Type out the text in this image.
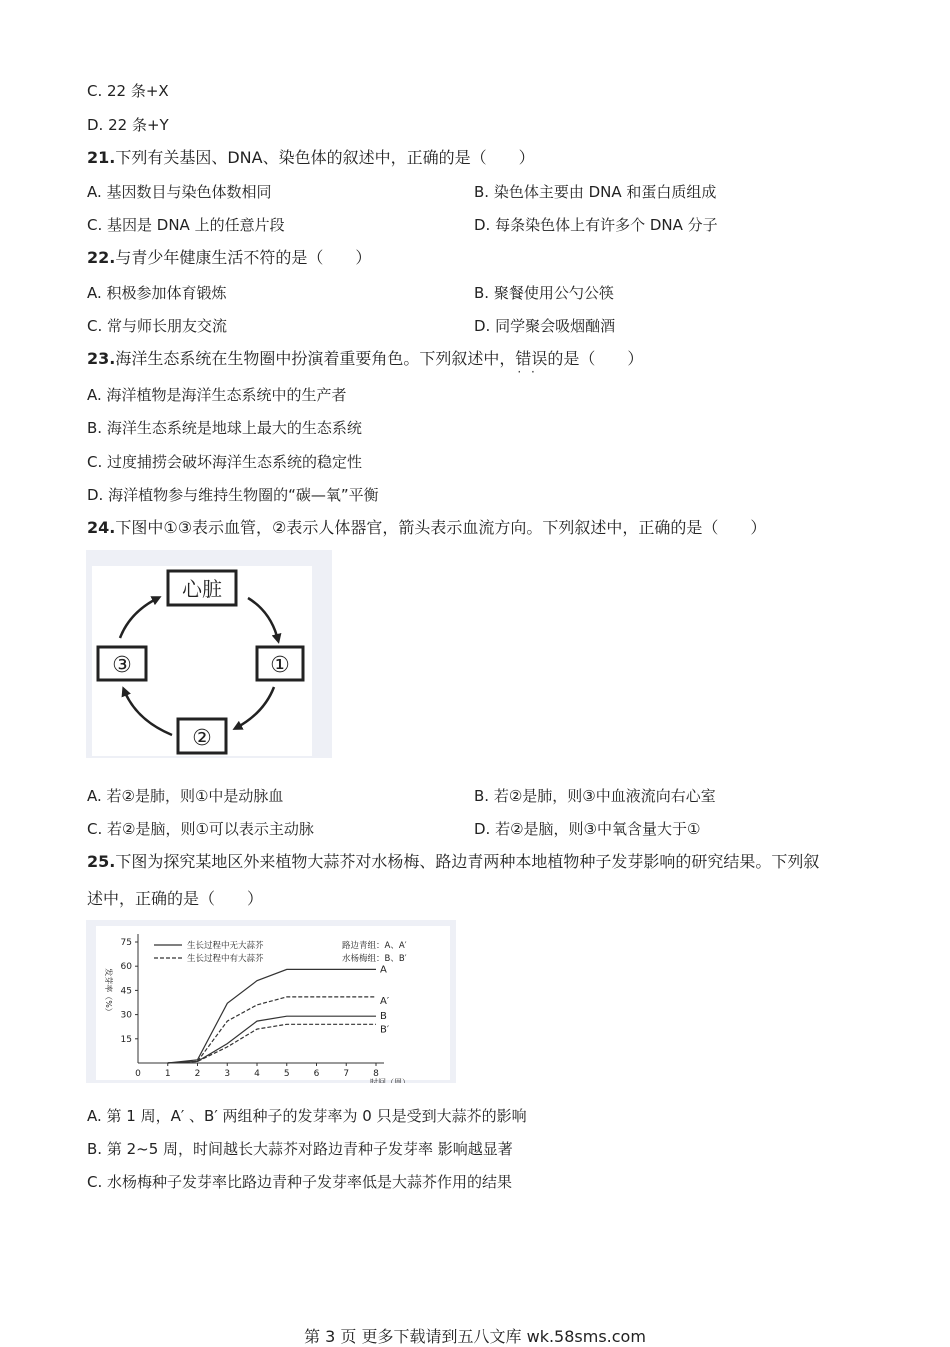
C. 22 条+X
D. 22 条+Y
21.下列有关基因、DNA、染色体的叙述中，正确的是（　　）
A. 基因数目与染色体数相同	B. 染色体主要由 DNA 和蛋白质组成
C. 基因是 DNA 上的任意片段	D. 每条染色体上有许多个 DNA 分子
22.与青少年健康生活不符的是（　　）
A. 积极参加体育锻炼	B. 聚餐使用公勺公筷
C. 常与师长朋友交流	D. 同学聚会吸烟酗酒
23.海洋生态系统在生物圈中扮演着重要角色。下列叙述中，错误 · ·的是（　　）
A. 海洋植物是海洋生态系统中的生产者
B. 海洋生态系统是地球上最大的生态系统
C. 过度捕捞会破坏海洋生态系统的稳定性
D. 海洋植物参与维持生物圈的“碳—氧”平衡
24.下图中①③表示血管，②表示人体器官，箭头表示血流方向。下列叙述中，正确的是（　　）
心脏
①
②
③
A. 若②是肺，则①中是动脉血	B. 若②是肺，则③中血液流向右心室
C. 若②是脑，则①可以表示主动脉	D. 若②是脑，则③中氧含量大于①
25.下图为探究某地区外来植物大蒜芥对水杨梅、路边青两种本地植物种子发芽影响的研究结果。下列叙
述中，正确的是（　　）
15
30
45
60
75
0	1	2	3	4	5	6	7	8
时间（周）
发芽率（%）	A
A′
B
B′
生长过程中无大蒜芥
生长过程中有大蒜芥
路边青组：A、A′
水杨梅组：B、B′
A. 第 1 周，A′ 、B′ 两组种子的发芽率为 0 只是受到大蒜芥的影响
B. 第 2~5 周，时间越长大蒜芥对路边青种子发芽率 影响越显著
C. 水杨梅种子发芽率比路边青种子发芽率低是大蒜芥作用的结果
第 3 页 更多下载请到五八文库 wk.58sms.com
